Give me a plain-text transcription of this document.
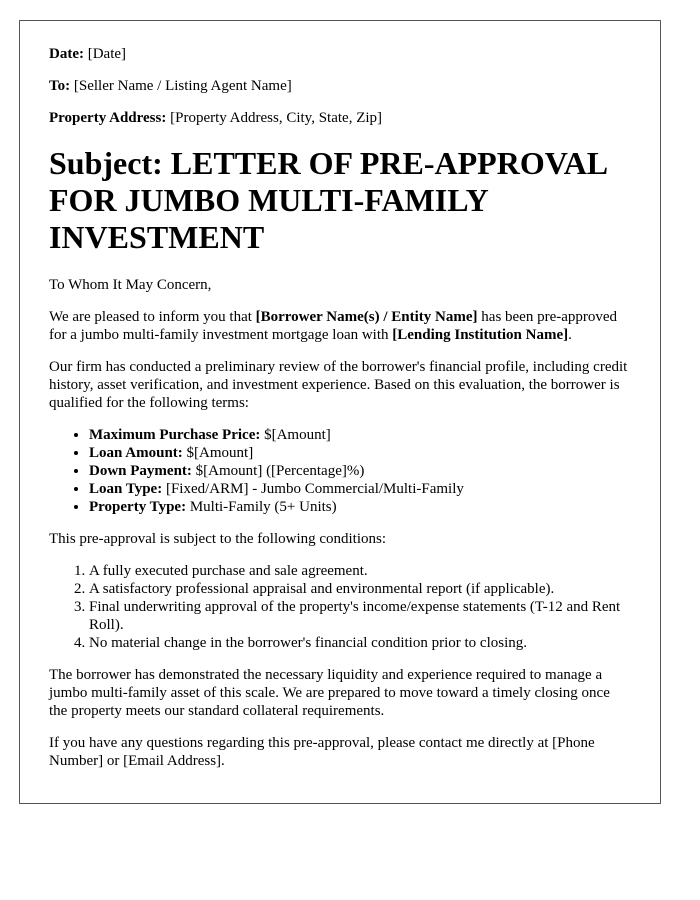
Date: [Date]
To: [Seller Name / Listing Agent Name]
Property Address: [Property Address, City, State, Zip]
Subject: LETTER OF PRE-APPROVAL FOR JUMBO MULTI-FAMILY INVESTMENT

To Whom It May Concern,

We are pleased to inform you that [Borrower Name(s) / Entity Name] has been pre-approved for a jumbo multi-family investment mortgage loan with [Lending Institution Name].

Our firm has conducted a preliminary review of the borrower's financial profile, including credit history, asset verification, and investment experience. Based on this evaluation, the borrower is qualified for the following terms:

• Maximum Purchase Price: $[Amount]
• Loan Amount: $[Amount]
• Down Payment: $[Amount] ([Percentage]%)
• Loan Type: [Fixed/ARM] - Jumbo Commercial/Multi-Family
• Property Type: Multi-Family (5+ Units)

This pre-approval is subject to the following conditions:

1. A fully executed purchase and sale agreement.
2. A satisfactory professional appraisal and environmental report (if applicable).
3. Final underwriting approval of the property's income/expense statements (T-12 and Rent Roll).
4. No material change in the borrower's financial condition prior to closing.

The borrower has demonstrated the necessary liquidity and experience required to manage a jumbo multi-family asset of this scale. We are prepared to move toward a timely closing once the property meets our standard collateral requirements.

If you have any questions regarding this pre-approval, please contact me directly at [Phone Number] or [Email Address].
